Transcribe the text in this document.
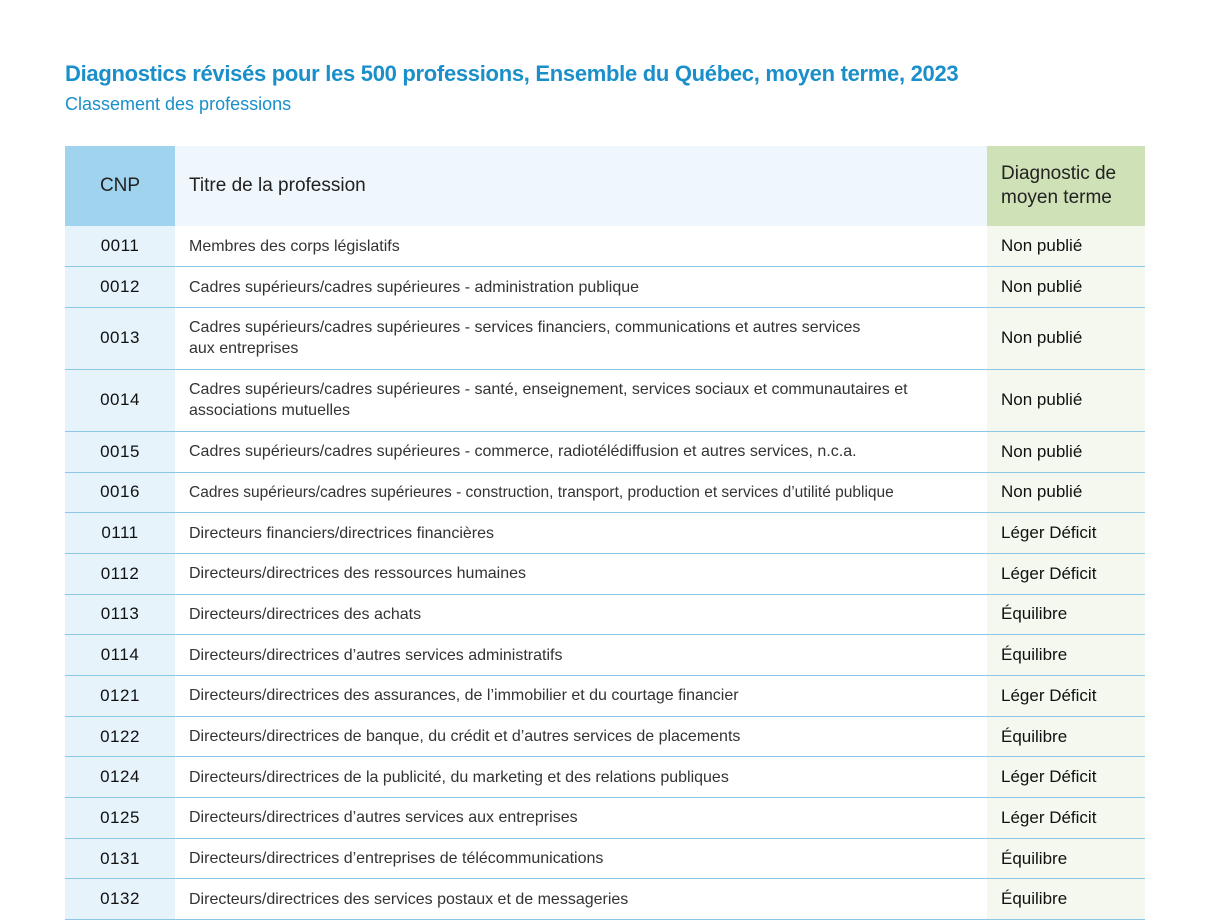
Diagnostics révisés pour les 500 professions, Ensemble du Québec, moyen terme, 2023
Classement des professions
CNP	Titre de la profession	Diagnostic de moyen terme

0011	Membres des corps législatifs	Non publié
0012	Cadres supérieurs/cadres supérieures - administration publique	Non publié
0013	Cadres supérieurs/cadres supérieures - services financiers, communications et autres services aux entreprises	Non publié
0014	Cadres supérieurs/cadres supérieures - santé, enseignement, services sociaux et communautaires et associations mutuelles	Non publié
0015	Cadres supérieurs/cadres supérieures - commerce, radiotélédiffusion et autres services, n.c.a.	Non publié
0016	Cadres supérieurs/cadres supérieures - construction, transport, production et services d’utilité publique	Non publié
0111	Directeurs financiers/directrices financières	Léger Déficit
0112	Directeurs/directrices des ressources humaines	Léger Déficit
0113	Directeurs/directrices des achats	Équilibre
0114	Directeurs/directrices d’autres services administratifs	Équilibre
0121	Directeurs/directrices des assurances, de l’immobilier et du courtage financier	Léger Déficit
0122	Directeurs/directrices de banque, du crédit et d’autres services de placements	Équilibre
0124	Directeurs/directrices de la publicité, du marketing et des relations publiques	Léger Déficit
0125	Directeurs/directrices d’autres services aux entreprises	Léger Déficit
0131	Directeurs/directrices d’entreprises de télécommunications	Équilibre
0132	Directeurs/directrices des services postaux et de messageries	Équilibre
